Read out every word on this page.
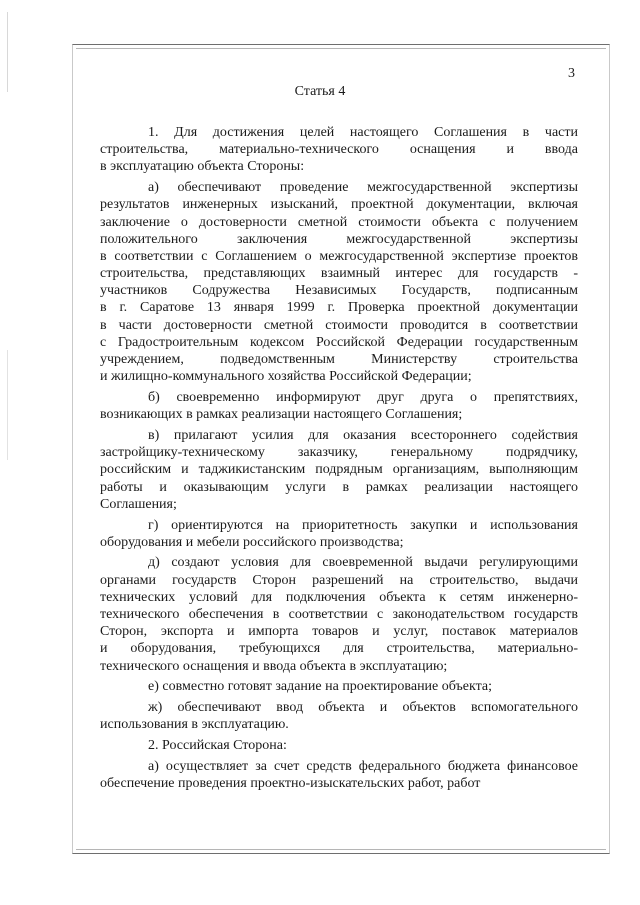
3
Статья 4
1. Для достижения целей настоящего Соглашения в части
строительства, материально-технического оснащения и ввода
в эксплуатацию объекта Стороны:
а) обеспечивают проведение межгосударственной экспертизы
результатов инженерных изысканий, проектной документации, включая
заключение о достоверности сметной стоимости объекта с получением
положительного заключения межгосударственной экспертизы
в соответствии с Соглашением о межгосударственной экспертизе проектов
строительства, представляющих взаимный интерес для государств -
участников Содружества Независимых Государств, подписанным
в г. Саратове 13 января 1999 г. Проверка проектной документации
в части достоверности сметной стоимости проводится в соответствии
с Градостроительным кодексом Российской Федерации государственным
учреждением, подведомственным Министерству строительства
и жилищно-коммунального хозяйства Российской Федерации;
б) своевременно информируют друг друга о препятствиях,
возникающих в рамках реализации настоящего Соглашения;
в) прилагают усилия для оказания всестороннего содействия
застройщику-техническому заказчику, генеральному подрядчику,
российским и таджикистанским подрядным организациям, выполняющим
работы и оказывающим услуги в рамках реализации настоящего
Соглашения;
г) ориентируются на приоритетность закупки и использования
оборудования и мебели российского производства;
д) создают условия для своевременной выдачи регулирующими
органами государств Сторон разрешений на строительство, выдачи
технических условий для подключения объекта к сетям инженерно-
технического обеспечения в соответствии с законодательством государств
Сторон, экспорта и импорта товаров и услуг, поставок материалов
и оборудования, требующихся для строительства, материально-
технического оснащения и ввода объекта в эксплуатацию;
е) совместно готовят задание на проектирование объекта;
ж) обеспечивают ввод объекта и объектов вспомогательного
использования в эксплуатацию.
2. Российская Сторона:
а) осуществляет за счет средств федерального бюджета финансовое
обеспечение проведения проектно-изыскательских работ, работ
